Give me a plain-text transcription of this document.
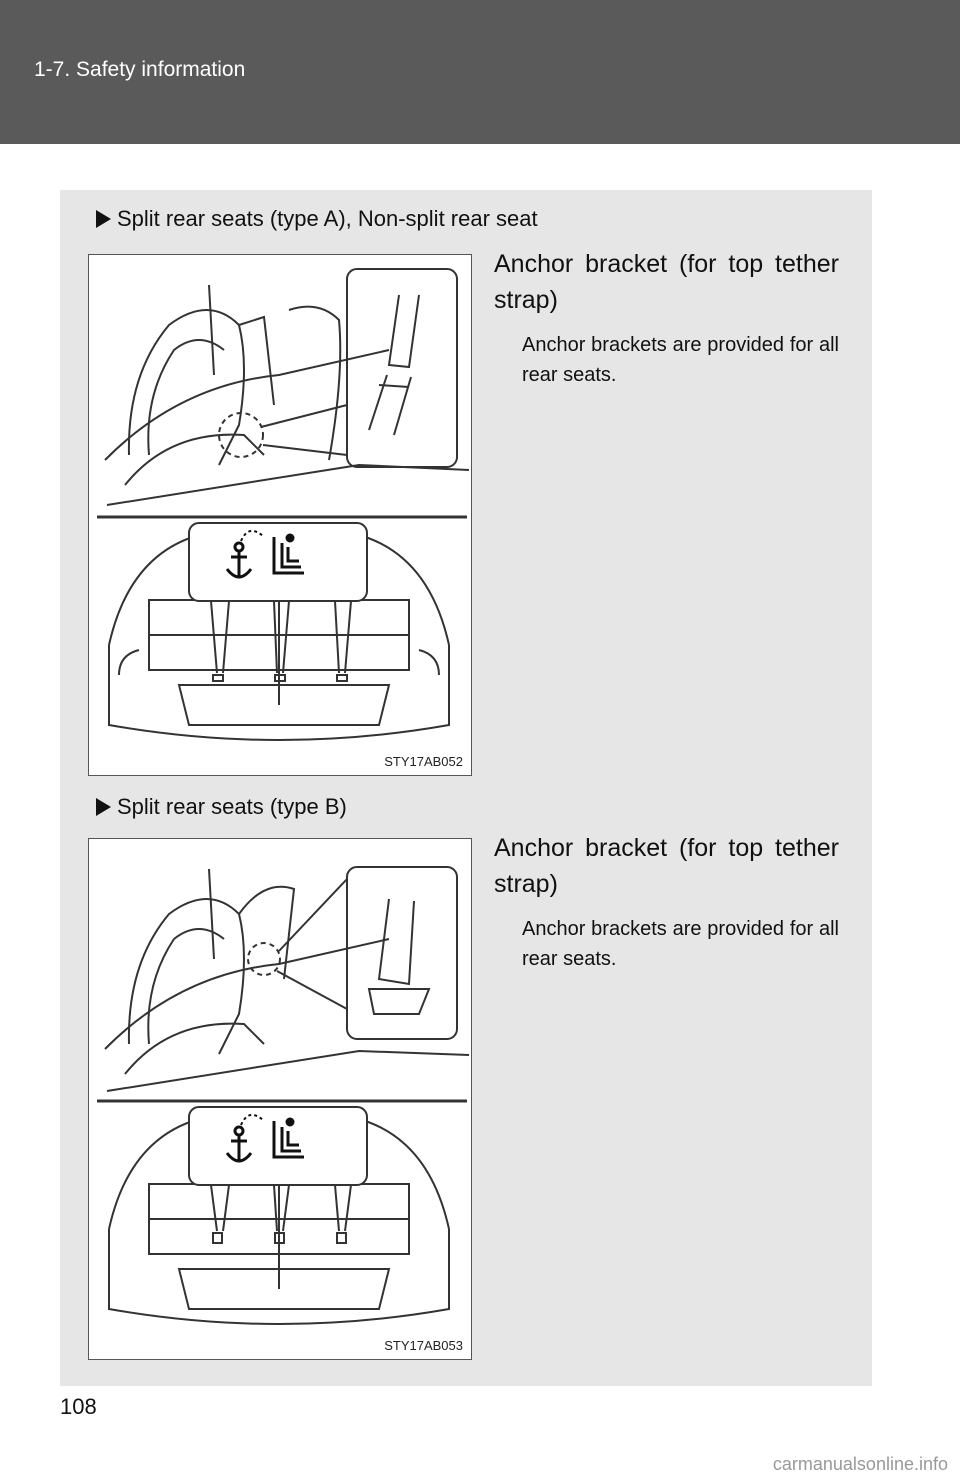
1-7. Safety information
Split rear seats (type A), Non-split rear seat
STY17AB052
Anchor bracket (for top tether strap)
Anchor brackets are provided for all rear seats.
Split rear seats (type B)
STY17AB053
Anchor bracket (for top tether strap)
Anchor brackets are provided for all rear seats.
108
carmanualsonline.info
